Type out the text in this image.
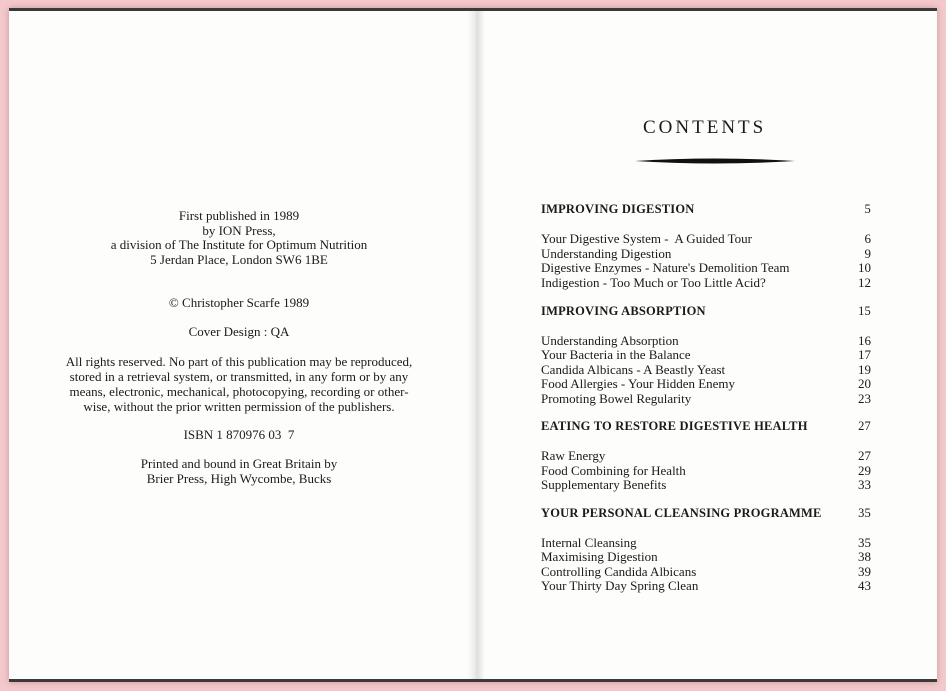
First published in 1989

by ION Press,

a division of The Institute for Optimum Nutrition

5 Jerdan Place, London SW6 1BE

© Christopher Scarfe 1989

Cover Design : QA

All rights reserved. No part of this publication may be reproduced,

stored in a retrieval system, or transmitted, in any form or by any

means, electronic, mechanical, photocopying, recording or other-

wise, without the prior written permission of the publishers.

ISBN 1 870976 03  7

Printed and bound in Great Britain by

Brier Press, High Wycombe, Bucks

CONTENTS
IMPROVING DIGESTION	5
Your Digestive System -  A Guided Tour	6
Understanding Digestion	9
Digestive Enzymes - Nature's Demolition Team	10
Indigestion - Too Much or Too Little Acid?	12
IMPROVING ABSORPTION	15
Understanding Absorption	16
Your Bacteria in the Balance	17
Candida Albicans - A Beastly Yeast	19
Food Allergies - Your Hidden Enemy	20
Promoting Bowel Regularity	23
EATING TO RESTORE DIGESTIVE HEALTH	27
Raw Energy	27
Food Combining for Health	29
Supplementary Benefits	33
YOUR PERSONAL CLEANSING PROGRAMME	35
Internal Cleansing	35
Maximising Digestion	38
Controlling Candida Albicans	39
Your Thirty Day Spring Clean	43
